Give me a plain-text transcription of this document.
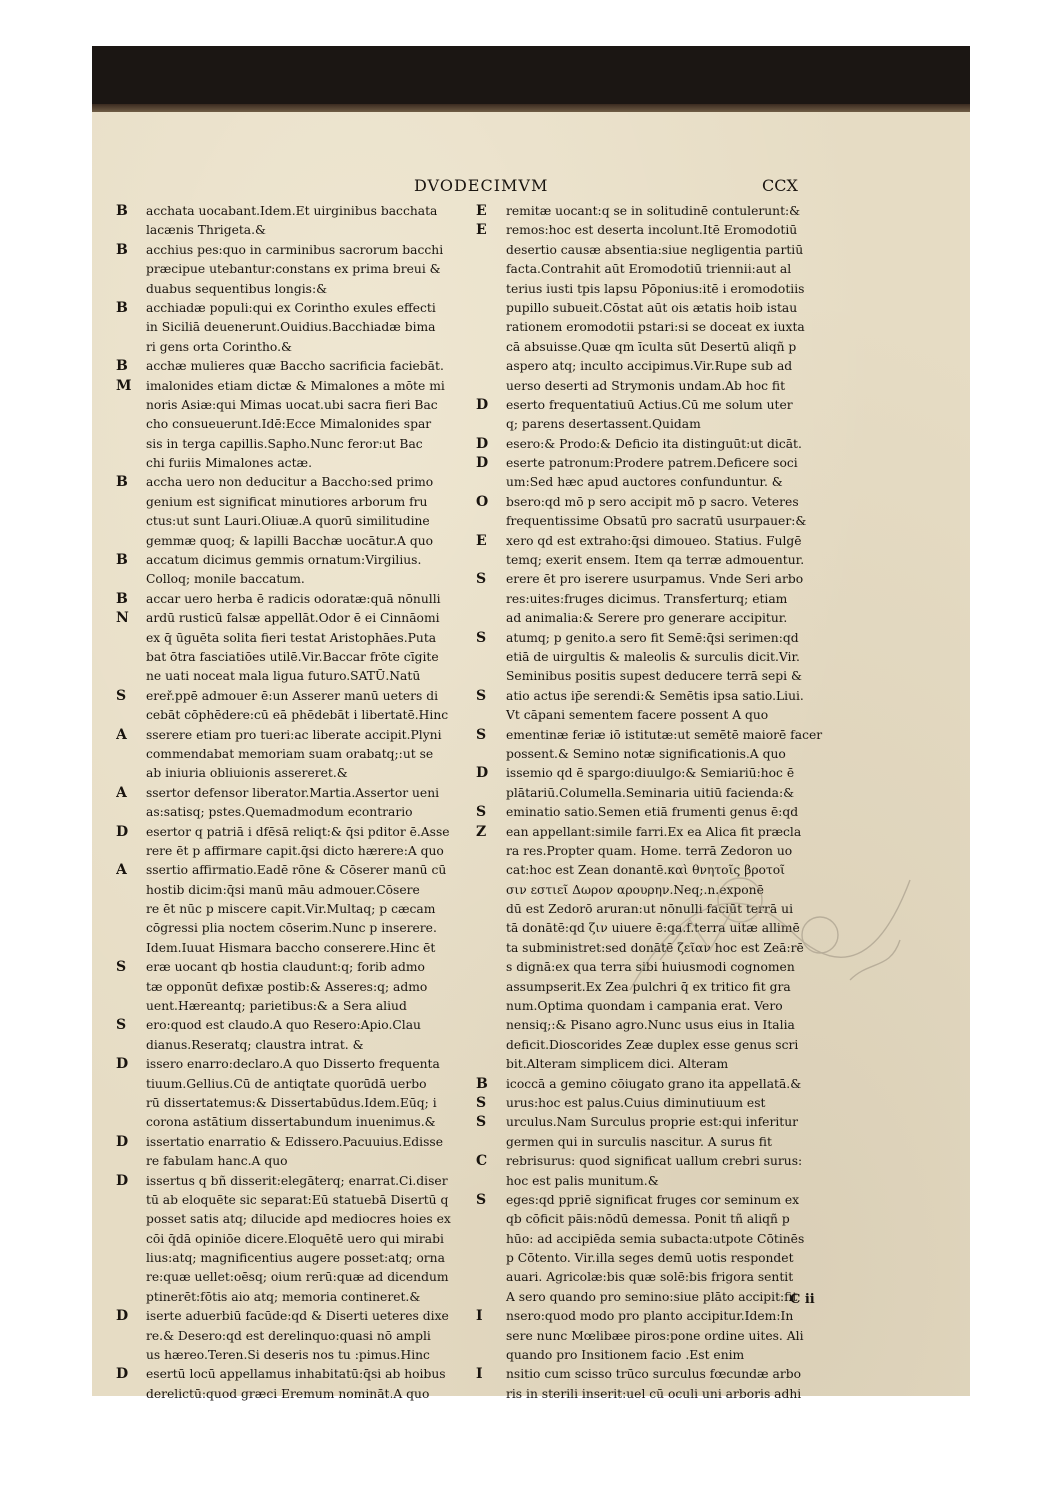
DVODECIMVM	CCX
B	acchata uocabant.Idem.Et uirginibus bacchata
lacænis Thrigeta.&
B	acchius pes:quo in carminibus sacrorum bacchi
præcipue utebantur:constans ex prima breui &
duabus sequentibus longis:&
B	acchiadæ populi:qui ex Corintho exules effecti
in Siciliā deuenerunt.Ouidius.Bacchiadæ bima
ri gens orta Corintho.&
B	acchæ mulieres quæ Baccho sacrificia faciebāt.
M imalonides etiam dictæ & Mimalones a mōte mi
noris Asiæ:qui Mimas uocat.ubi sacra fieri Bac
cho consueuerunt.Idē:Ecce Mimalonides spar
sis in terga capillis.Sapho.Nunc feror:ut Bac
chi furiis Mimalones actæ.
B	accha uero non deducitur a Baccho:sed primo
genium est significat minutiores arborum fru
ctus:ut sunt Lauri.Oliuæ.A quorū similitudine
gemmæ quoq; & lapilli Bacchæ uocātur.A quo
B	accatum dicimus gemmis ornatum:Virgilius.
Colloq; monile baccatum.
B	accar uero herba ē radicis odoratæ:quā nōnulli
N	ardū rusticū falsæ appellāt.Odor ē ei Cinnāomi
ex q̄ ūguēta solita fieri testat Aristophāes.Puta
bat ōtra fasciatiōes utilē.Vir.Baccar frōte cīgite
ne uati noceat mala ligua futuro.SATŪ.Natū
S	ereř.ppē admouer ē:un Asserer manū ueters di
cebāt cōphēdere:cū eā phēdebāt i libertatē.Hinc
A	sserere etiam pro tueri:ac liberate accipit.Plyni
commendabat memoriam suam orabatq;:ut se
ab iniuria obliuionis assereret.&
A	ssertor defensor liberator.Martia.Assertor ueni
as:satisq; pstes.Quemadmodum econtrario
D	esertor q patriā i dfēsā reliqt:& q̄si pditor ē.Asse
rere ēt p affirmare capit.q̄si dicto hærere:A quo
A	ssertio affirmatio.Eadē rōne & Cōserer manū cū
hostib dicim:q̄si manū māu admouer.Cōsere
re ēt nūc p miscere capit.Vir.Multaq; p cæcam
cōgressi plia noctem cōserim.Nunc p inserere.
Idem.Iuuat Hismara baccho conserere.Hinc ēt
S	eræ uocant qb hostia claudunt:q; forib admo
tæ opponūt defixæ postib:& Asseres:q; admo
uent.Hæreantq; parietibus:& a Sera aliud
S	ero:quod est claudo.A quo Resero:Apio.Clau
dianus.Reseratq; claustra intrat. &
D	issero enarro:declaro.A quo Disserto frequenta
tiuum.Gellius.Cū de antiqtate quorūdā uerbo
rū dissertatemus:& Dissertabūdus.Idem.Eūq; i
corona astātium dissertabundum inuenimus.&
D	issertatio enarratio & Edissero.Pacuuius.Edisse
re fabulam hanc.A quo
D	issertus q bñ disserit:elegāterq; enarrat.Ci.diser
tū ab eloquēte sic separat:Eū statuebā Disertū q
posset satis atq; dilucide apd mediocres hoies ex
cōi q̄dā opiniōe dicere.Eloquētē uero qui mirabi
lius:atq; magnificentius augere posset:atq; orna
re:quæ uellet:oēsq; oium rerū:quæ ad dicendum
ptinerēt:fōtis aio atq; memoria contineret.&
D	iserte aduerbiū facūde:qd & Diserti ueteres dixe
re.& Desero:qd est derelinquo:quasi nō ampli
us hæreo.Teren.Si deseris nos tu :pimus.Hinc
D	esertū locū appellamus inhabitatū:q̄si ab hoibus
derelictū:quod græci Eremum nomināt.A quo
E	remitæ uocant:q se in solitudinē contulerunt:&
E	remos:hoc est deserta incolunt.Itē Eromodotiū
desertio causæ absentia:siue negligentia partiū
facta.Contrahit aūt Eromodotiū triennii:aut al
terius iusti tpis lapsu Pōponius:itē i eromodotiis
pupillo subueit.Cōstat aūt ois ætatis hoib istau
rationem eromodotii pstari:si se doceat ex iuxta
cā absuisse.Quæ qm īculta sūt Desertū aliqñ p
aspero atq; inculto accipimus.Vir.Rupe sub ad
uerso deserti ad Strymonis undam.Ab hoc fit
D	eserto frequentatiuū Actius.Cū me solum uter
q; parens desertassent.Quidam
D	esero:& Prodo:& Deficio ita distinguūt:ut dicāt.
D	eserte patronum:Prodere patrem.Deficere soci
um:Sed hæc apud auctores confunduntur. &
O	bsero:qd mō p sero accipit mō p sacro. Veteres
frequentissime Obsatū pro sacratū usurpauer:&
E	xero qd est extraho:q̄si dimoueo. Statius. Fulgē
temq; exerit ensem. Item qa terræ admouentur.
S	erere ēt pro iserere usurpamus. Vnde Seri arbo
res:uites:fruges dicimus. Transferturq; etiam
ad animalia:& Serere pro generare accipitur.
S	atumq; p genito.a sero fit Semē:q̄si serimen:qd
etiā de uirgultis & maleolis & surculis dicit.Vir.
Seminibus positis supest deducere terrā sepi &
S	atio actus ip̄e serendi:& Semētis ipsa satio.Liui.
Vt cāpani sementem facere possent A quo
S	ementinæ feriæ iō istitutæ:ut semētē maiorē facer
possent.& Semino notæ significationis.A quo
D	issemio qd ē spargo:diuulgo:& Semiariū:hoc ē
plātariū.Columella.Seminaria uitiū facienda:&
S	eminatio satio.Semen etiā frumenti genus ē:qd
Z	ean appellant:simile farri.Ex ea Alica fit præcla
ra res.Propter quam. Home. terrā Zedoron uo
cat:hoc est Zean donantē.καὶ θνητοῖς βροτοῖ
σιν εστιεῖ Δωρον αρουρην.Neq;.n.exponē
dū est Zedorō aruran:ut nōnulli faciūt terrā ui
tā donātē:qd ζιν uiuere ē:qa.f.terra uitæ allimē
ta subministret:sed donātē ζεῖαν hoc est Zeā:rē
s dignā:ex qua terra sibi huiusmodi cognomen
assumpserit.Ex Zea pulchri q̄ ex tritico fit gra
num.Optima quondam i campania erat. Vero
nensiq;:& Pisano agro.Nunc usus eius in Italia
deficit.Dioscorides Zeæ duplex esse genus scri
bit.Alteram simplicem dici. Alteram
B	icoccā a gemino cōiugato grano ita appellatā.&
S	urus:hoc est palus.Cuius diminutiuum est
S	urculus.Nam Surculus proprie est:qui inferitur
germen qui in surculis nascitur. A surus fit
C	rebrisurus: quod significat uallum crebri surus:
hoc est palis munitum.&
S	eges:qd ppriē significat fruges cor seminum ex
qb cōficit pāis:nōdū demessa. Ponit tñ aliqñ p
hūo: ad accipiēda semia subacta:utpote Cōtinēs
p Cōtento. Vir.illa seges demū uotis respondet
auari. Agricolæ:bis quæ solē:bis frigora sentit
A sero quando pro semino:siue plāto accipit:fit
I	nsero:quod modo pro planto accipitur.Idem:In
sere nunc Mœlibæe piros:pone ordine uites. Ali
quando pro Insitionem facio .Est enim
I	nsitio cum scisso trūco surculus fœcundæ arbo
ris in sterili inserit:uel cū oculi uni arboris adhi
C ii
